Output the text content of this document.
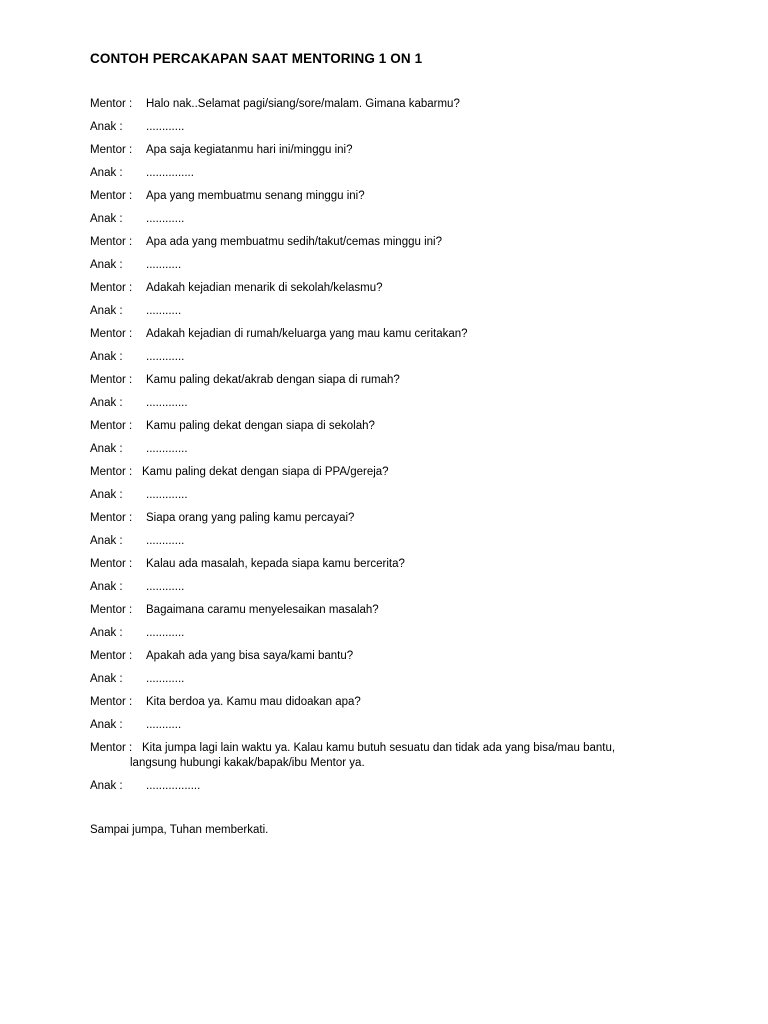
CONTOH PERCAKAPAN SAAT MENTORING 1 ON 1
Mentor : Halo nak..Selamat pagi/siang/sore/malam. Gimana kabarmu?
Anak : ............
Mentor : Apa saja kegiatanmu hari ini/minggu ini?
Anak : ...............
Mentor : Apa yang membuatmu senang minggu ini?
Anak : ............
Mentor : Apa ada yang membuatmu sedih/takut/cemas minggu ini?
Anak : ...........
Mentor : Adakah kejadian menarik di sekolah/kelasmu?
Anak : ...........
Mentor : Adakah kejadian di rumah/keluarga yang mau kamu ceritakan?
Anak : ............
Mentor : Kamu paling dekat/akrab dengan siapa di rumah?
Anak : .............
Mentor : Kamu paling dekat dengan siapa di sekolah?
Anak : .............
Mentor : Kamu paling dekat dengan siapa di PPA/gereja?
Anak : .............
Mentor : Siapa orang yang paling kamu percayai?
Anak : ............
Mentor : Kalau ada masalah, kepada siapa kamu bercerita?
Anak : ............
Mentor : Bagaimana caramu menyelesaikan masalah?
Anak : ............
Mentor : Apakah ada yang bisa saya/kami bantu?
Anak : ............
Mentor : Kita berdoa ya. Kamu mau didoakan apa?
Anak : ...........
Mentor : Kita jumpa lagi lain waktu ya. Kalau kamu butuh sesuatu dan tidak ada yang bisa/mau bantu,
langsung hubungi kakak/bapak/ibu Mentor ya.
Anak : .................
Sampai jumpa, Tuhan memberkati.
